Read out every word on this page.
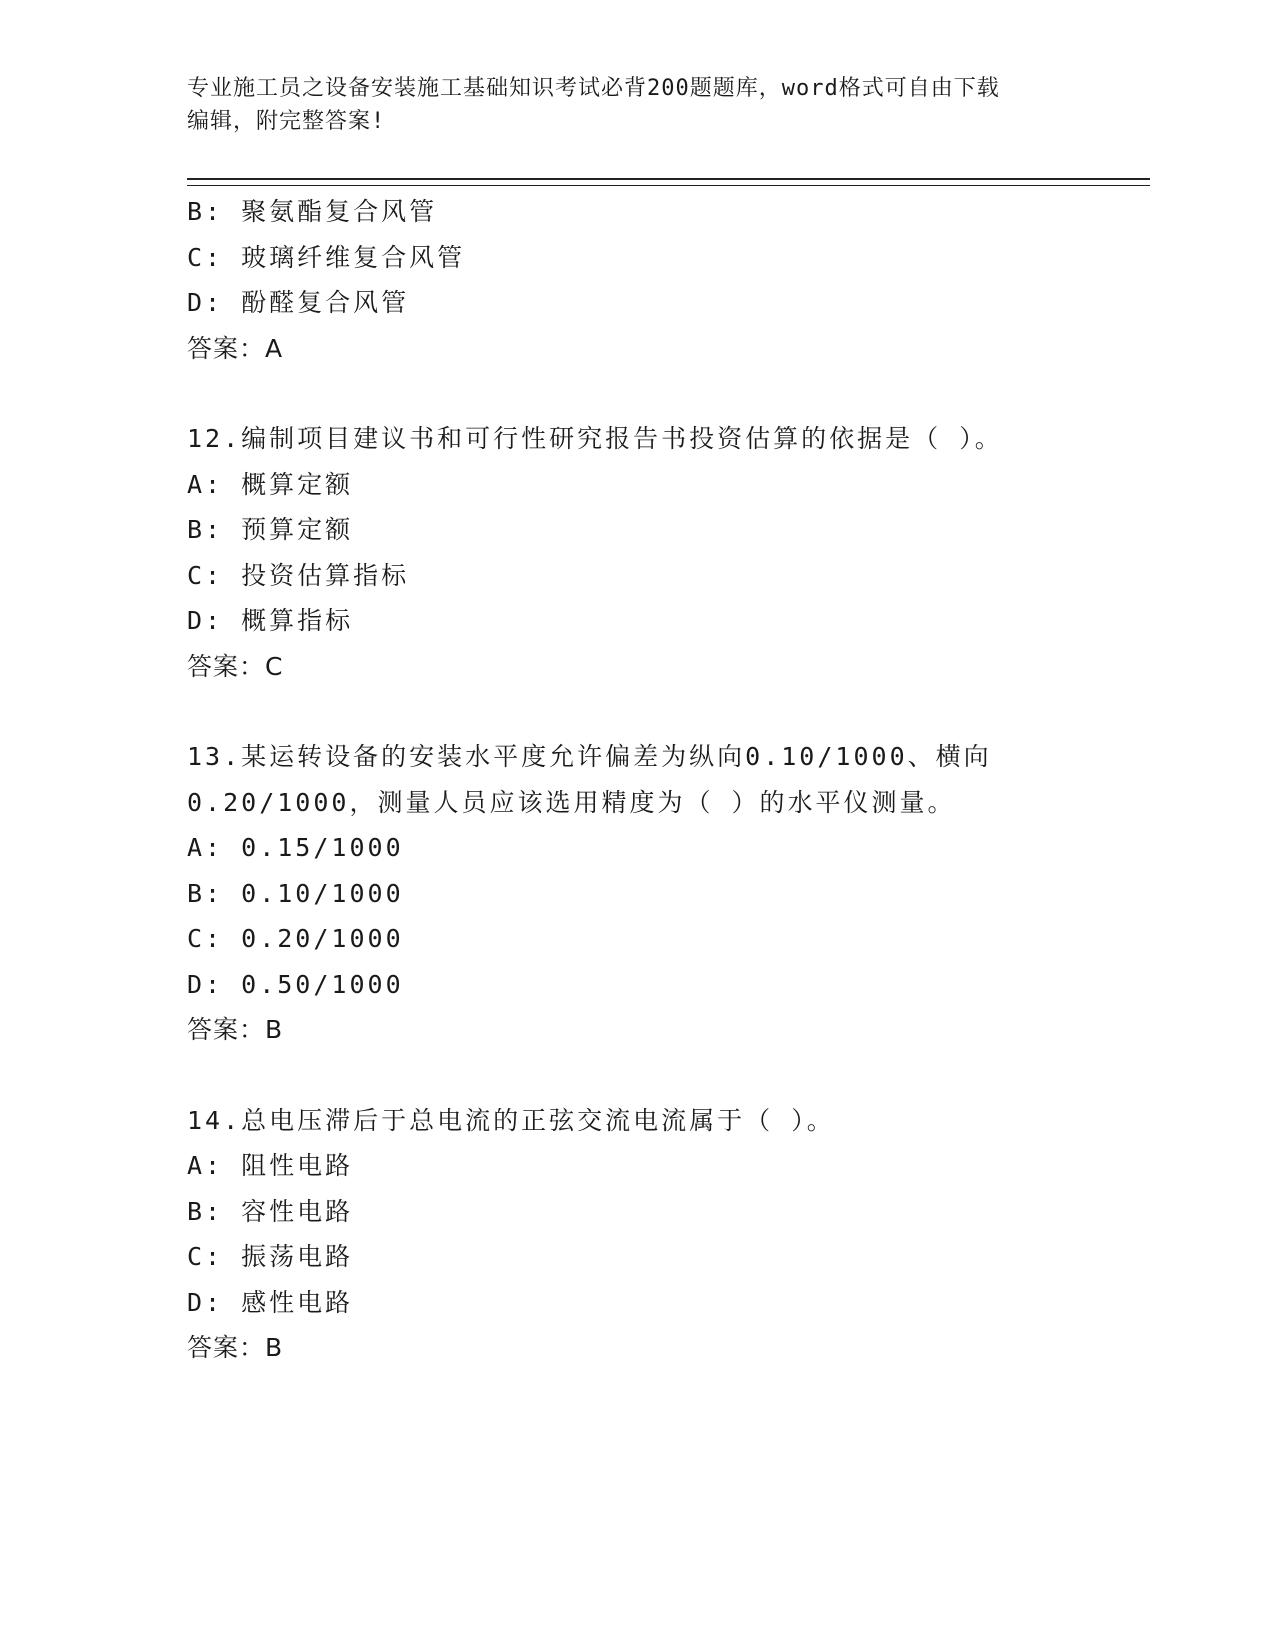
专业施工员之设备安装施工基础知识考试必背200题题库，word格式可自由下载
编辑，附完整答案!
B: 聚氨酯复合风管
C: 玻璃纤维复合风管
D: 酚醛复合风管
答案：A
12.编制项目建议书和可行性研究报告书投资估算的依据是（ ）。
A: 概算定额
B: 预算定额
C: 投资估算指标
D: 概算指标
答案：C
13.某运转设备的安装水平度允许偏差为纵向0.10/1000、横向
0.20/1000，测量人员应该选用精度为（ ）的水平仪测量。
A: 0.15/1000
B: 0.10/1000
C: 0.20/1000
D: 0.50/1000
答案：B
14.总电压滞后于总电流的正弦交流电流属于（ ）。
A: 阻性电路
B: 容性电路
C: 振荡电路
D: 感性电路
答案：B
